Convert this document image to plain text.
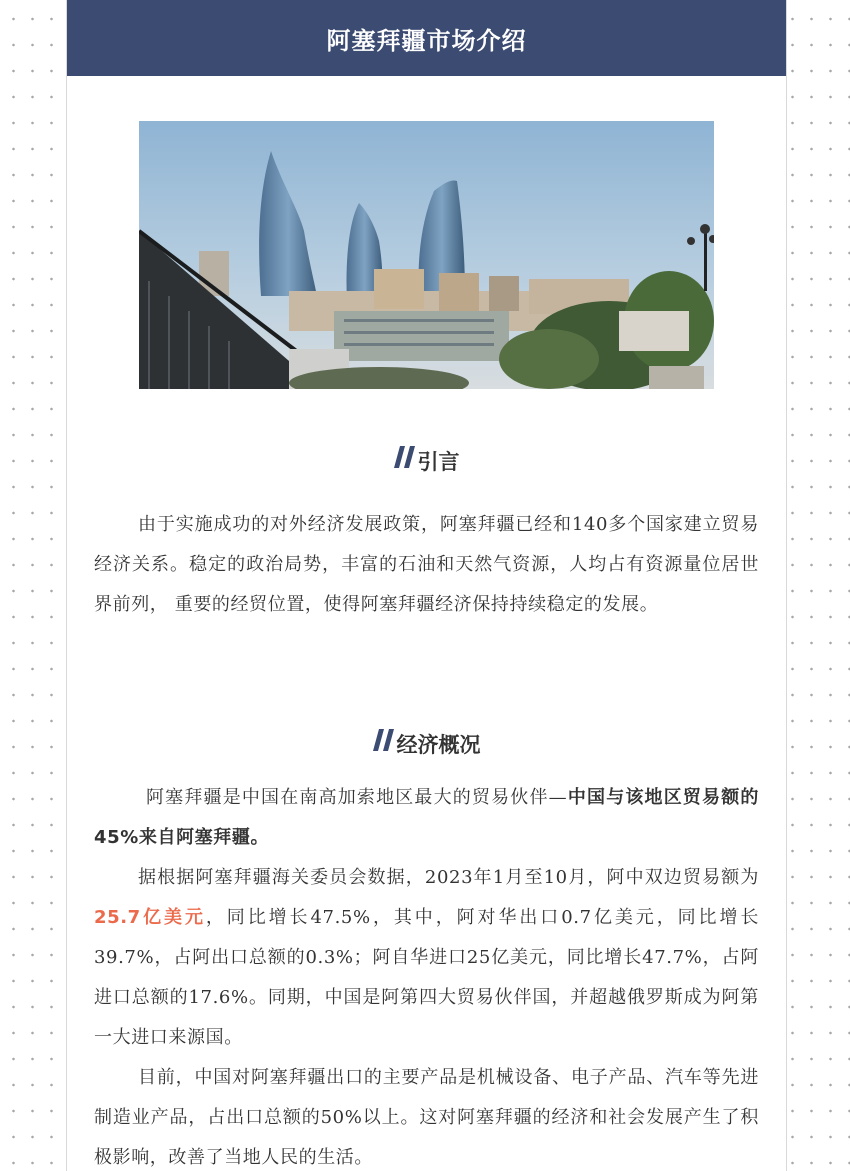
阿塞拜疆市场介绍
引言

由于实施成功的对外经济发展政策，阿塞拜疆已经和140多个国家建立贸易经济关系。稳定的政治局势，丰富的石油和天然气资源，人均占有资源量位居世界前列， 重要的经贸位置，使得阿塞拜疆经济保持持续稳定的发展。

经济概况

阿塞拜疆是中国在南高加索地区最大的贸易伙伴—中国与该地区贸易额的45%来自阿塞拜疆。

据根据阿塞拜疆海关委员会数据，2023年1月至10月，阿中双边贸易额为25.7亿美元，同比增长47.5%，其中，阿对华出口0.7亿美元，同比增长39.7%，占阿出口总额的0.3%；阿自华进口25亿美元，同比增长47.7%，占阿进口总额的17.6%。同期，中国是阿第四大贸易伙伴国，并超越俄罗斯成为阿第一大进口来源国。

目前，中国对阿塞拜疆出口的主要产品是机械设备、电子产品、汽车等先进制造业产品，占出口总额的50%以上。这对阿塞拜疆的经济和社会发展产生了积极影响，改善了当地人民的生活。
